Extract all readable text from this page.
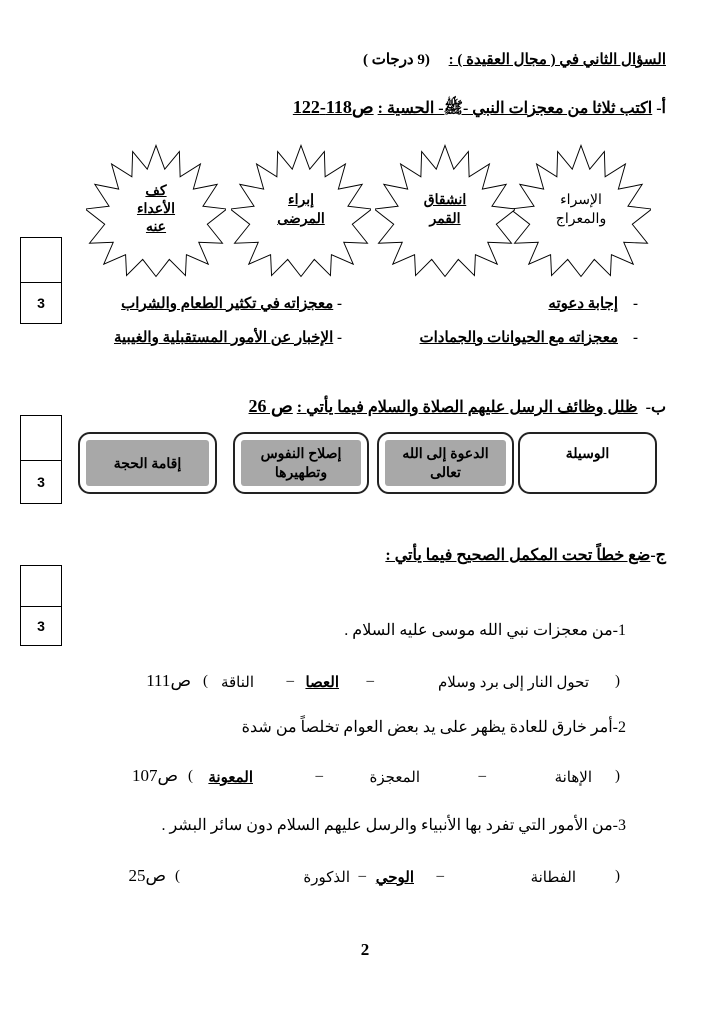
السؤال الثاني في ( مجال العقيدة ) :     (9 درجات )
أ- اكتب ثلاثا من معجزات النبي -ﷺ- الحسية : ص118-122
الإسراء
والمعراج
انشقاق
القمر
إبراء
المرضى
كف
الأعداء
عنه
3	-    إجابة دعوته
-    معجزاته مع الحيوانات والجمادات
- معجزاته في تكثير الطعام والشراب
- الإخبار عن الأمور المستقبلية والغيبية
ب-  ظلل وظائف الرسل عليهم الصلاة والسلام فيما يأتي : ص 26
3
الوسيلة
الدعوة إلى الله تعالى
إصلاح النفوس وتطهيرها
إقامة الحجة
ج-ضع خطاً تحت المكمل الصحيح فيما يأتي :
3	1-من معجزات نبي الله موسى عليه السلام .
(
تحول النار إلى برد وسلام
–
العصا
–
الناقة
)
ص111
2-أمر خارق للعادة يظهر على يد بعض العوام تخلصاً من شدة
(
الإهانة
–
المعجزة
–
المعونة
)
ص107
3-من الأمور التي تفرد بها الأنبياء والرسل عليهم السلام دون سائر البشر .
(
الفطانة
–
الوحي
–
الذكورة
)
ص25
2
